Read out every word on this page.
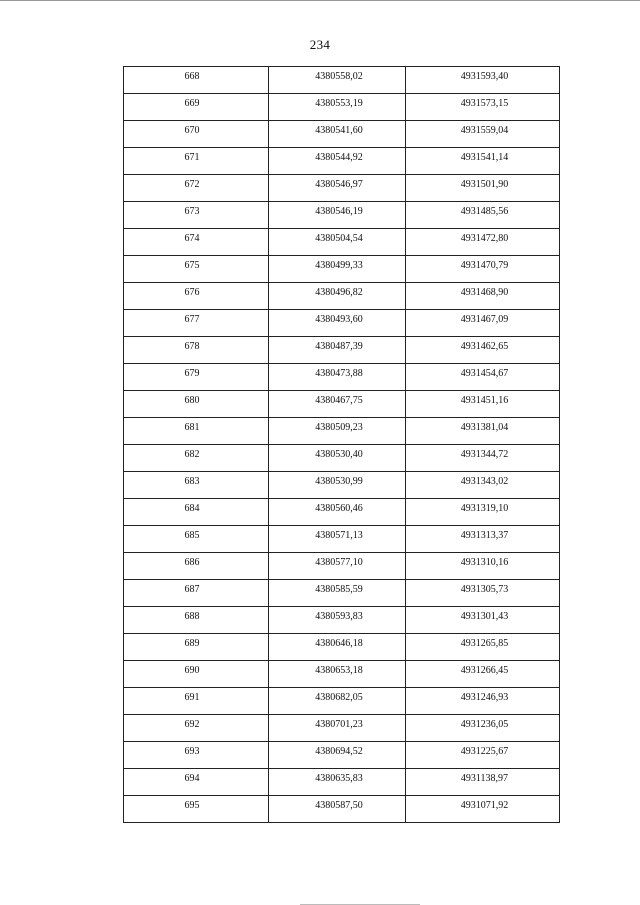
234
668	4380558,02	4931593,40
669	4380553,19	4931573,15
670	4380541,60	4931559,04
671	4380544,92	4931541,14
672	4380546,97	4931501,90
673	4380546,19	4931485,56
674	4380504,54	4931472,80
675	4380499,33	4931470,79
676	4380496,82	4931468,90
677	4380493,60	4931467,09
678	4380487,39	4931462,65
679	4380473,88	4931454,67
680	4380467,75	4931451,16
681	4380509,23	4931381,04
682	4380530,40	4931344,72
683	4380530,99	4931343,02
684	4380560,46	4931319,10
685	4380571,13	4931313,37
686	4380577,10	4931310,16
687	4380585,59	4931305,73
688	4380593,83	4931301,43
689	4380646,18	4931265,85
690	4380653,18	4931266,45
691	4380682,05	4931246,93
692	4380701,23	4931236,05
693	4380694,52	4931225,67
694	4380635,83	4931138,97
695	4380587,50	4931071,92
